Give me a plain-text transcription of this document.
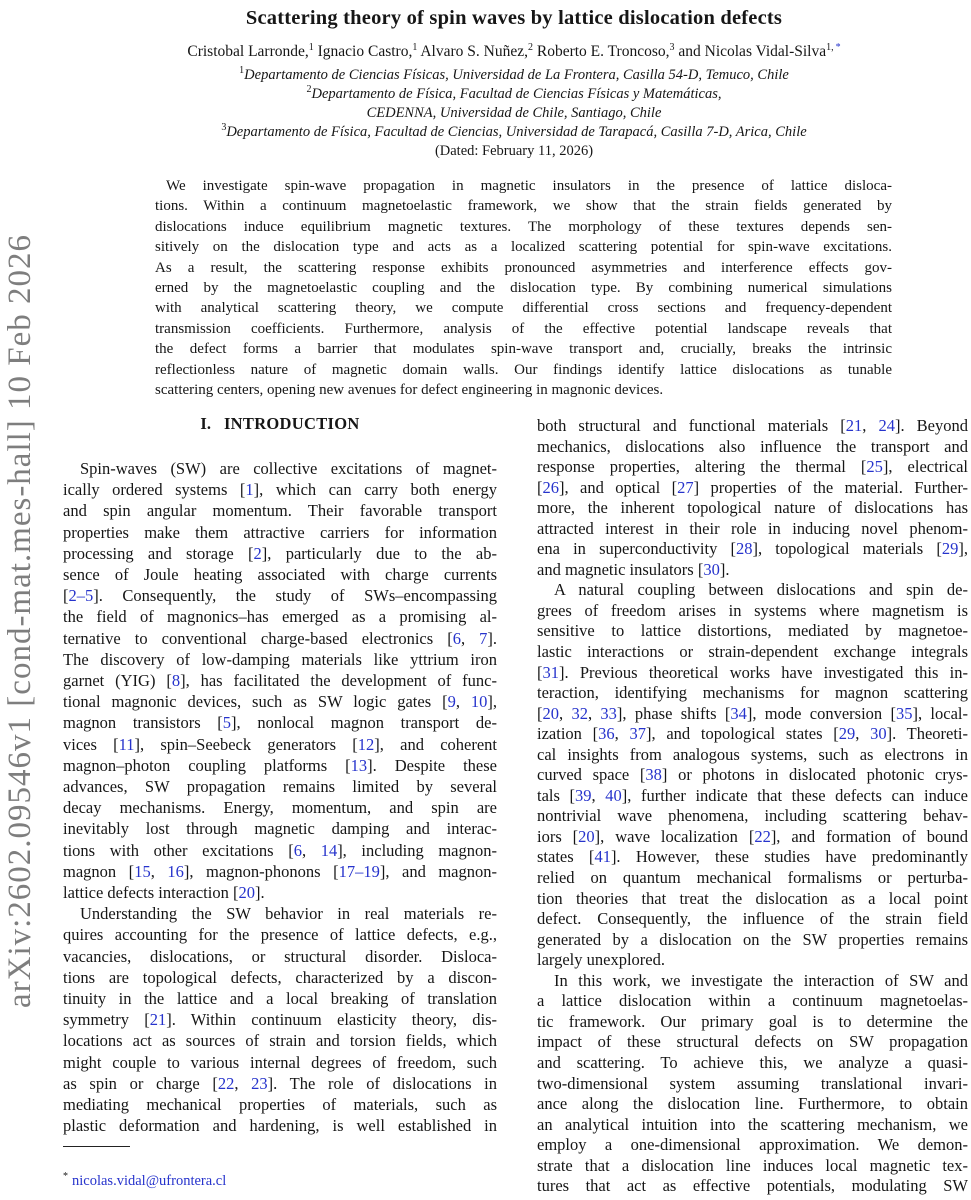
arXiv:2602.09546v1 [cond-mat.mes-hall] 10 Feb 2026
Scattering theory of spin waves by lattice dislocation defects
Cristobal Larronde,$^1$ Ignacio Castro,$^1$ Alvaro S. Nuñez,$^2$ Roberto E. Troncoso,$^3$ and Nicolas Vidal-Silva$^{1, *}$
$^1$Departamento de Ciencias Físicas, Universidad de La Frontera, Casilla 54-D, Temuco, Chile
$^2$Departamento de Física, Facultad de Ciencias Físicas y Matemáticas,
CEDENNA, Universidad de Chile, Santiago, Chile
$^3$Departamento de Física, Facultad de Ciencias, Universidad de Tarapacá, Casilla 7-D, Arica, Chile
(Dated: February 11, 2026)
We investigate spin-wave propagation in magnetic insulators in the presence of lattice disloca-
tions. Within a continuum magnetoelastic framework, we show that the strain fields generated by
dislocations induce equilibrium magnetic textures. The morphology of these textures depends sen-
sitively on the dislocation type and acts as a localized scattering potential for spin-wave excitations.
As a result, the scattering response exhibits pronounced asymmetries and interference effects gov-
erned by the magnetoelastic coupling and the dislocation type. By combining numerical simulations
with analytical scattering theory, we compute differential cross sections and frequency-dependent
transmission coefficients. Furthermore, analysis of the effective potential landscape reveals that
the defect forms a barrier that modulates spin-wave transport and, crucially, breaks the intrinsic
reflectionless nature of magnetic domain walls. Our findings identify lattice dislocations as tunable
scattering centers, opening new avenues for defect engineering in magnonic devices.
I. INTRODUCTION
Spin-waves (SW) are collective excitations of magnet-
ically ordered systems [1], which can carry both energy
and spin angular momentum. Their favorable transport
properties make them attractive carriers for information
processing and storage [2], particularly due to the ab-
sence of Joule heating associated with charge currents
[2–5]. Consequently, the study of SWs–encompassing
the field of magnonics–has emerged as a promising al-
ternative to conventional charge-based electronics [6, 7].
The discovery of low-damping materials like yttrium iron
garnet (YIG) [8], has facilitated the development of func-
tional magnonic devices, such as SW logic gates [9, 10],
magnon transistors [5], nonlocal magnon transport de-
vices [11], spin–Seebeck generators [12], and coherent
magnon–photon coupling platforms [13]. Despite these
advances, SW propagation remains limited by several
decay mechanisms. Energy, momentum, and spin are
inevitably lost through magnetic damping and interac-
tions with other excitations [6, 14], including magnon-
magnon [15, 16], magnon-phonons [17–19], and magnon-
lattice defects interaction [20].
Understanding the SW behavior in real materials re-
quires accounting for the presence of lattice defects, e.g.,
vacancies, dislocations, or structural disorder. Disloca-
tions are topological defects, characterized by a discon-
tinuity in the lattice and a local breaking of translation
symmetry [21]. Within continuum elasticity theory, dis-
locations act as sources of strain and torsion fields, which
might couple to various internal degrees of freedom, such
as spin or charge [22, 23]. The role of dislocations in
mediating mechanical properties of materials, such as
plastic deformation and hardening, is well established in
both structural and functional materials [21, 24]. Beyond
mechanics, dislocations also influence the transport and
response properties, altering the thermal [25], electrical
[26], and optical [27] properties of the material. Further-
more, the inherent topological nature of dislocations has
attracted interest in their role in inducing novel phenom-
ena in superconductivity [28], topological materials [29],
and magnetic insulators [30].
A natural coupling between dislocations and spin de-
grees of freedom arises in systems where magnetism is
sensitive to lattice distortions, mediated by magnetoe-
lastic interactions or strain-dependent exchange integrals
[31]. Previous theoretical works have investigated this in-
teraction, identifying mechanisms for magnon scattering
[20, 32, 33], phase shifts [34], mode conversion [35], local-
ization [36, 37], and topological states [29, 30]. Theoreti-
cal insights from analogous systems, such as electrons in
curved space [38] or photons in dislocated photonic crys-
tals [39, 40], further indicate that these defects can induce
nontrivial wave phenomena, including scattering behav-
iors [20], wave localization [22], and formation of bound
states [41]. However, these studies have predominantly
relied on quantum mechanical formalisms or perturba-
tion theories that treat the dislocation as a local point
defect. Consequently, the influence of the strain field
generated by a dislocation on the SW properties remains
largely unexplored.
In this work, we investigate the interaction of SW and
a lattice dislocation within a continuum magnetoelas-
tic framework. Our primary goal is to determine the
impact of these structural defects on SW propagation
and scattering. To achieve this, we analyze a quasi-
two-dimensional system assuming translational invari-
ance along the dislocation line. Furthermore, to obtain
an analytical intuition into the scattering mechanism, we
employ a one-dimensional approximation. We demon-
strate that a dislocation line induces local magnetic tex-
tures that act as effective potentials, modulating SW
* nicolas.vidal@ufrontera.cl
